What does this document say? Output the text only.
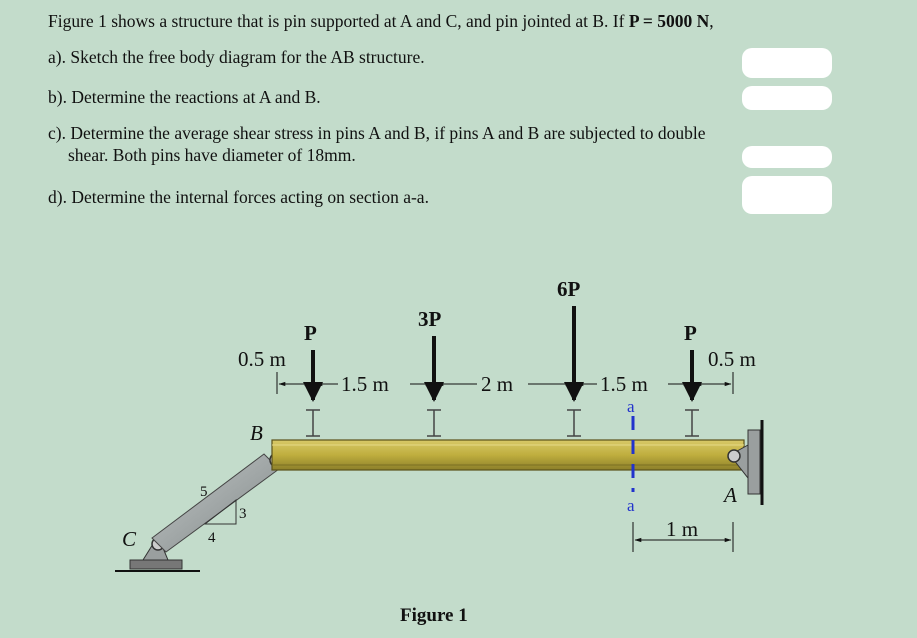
Figure 1 shows a structure that is pin supported at A and C, and pin jointed at B. If P = 5000 N,

a). Sketch the free body diagram for the AB structure.

b). Determine the reactions at A and B.

c). Determine the average shear stress in pins A and B, if pins A and B are subjected to double
shear. Both pins have diameter of 18mm.

d). Determine the internal forces acting on section a-a.

5
3
4
P
3P
6P
P
0.5 m
1.5 m	2 m	1.5 m
0.5 m
a
a
1 m
A
B
C
Figure 1
